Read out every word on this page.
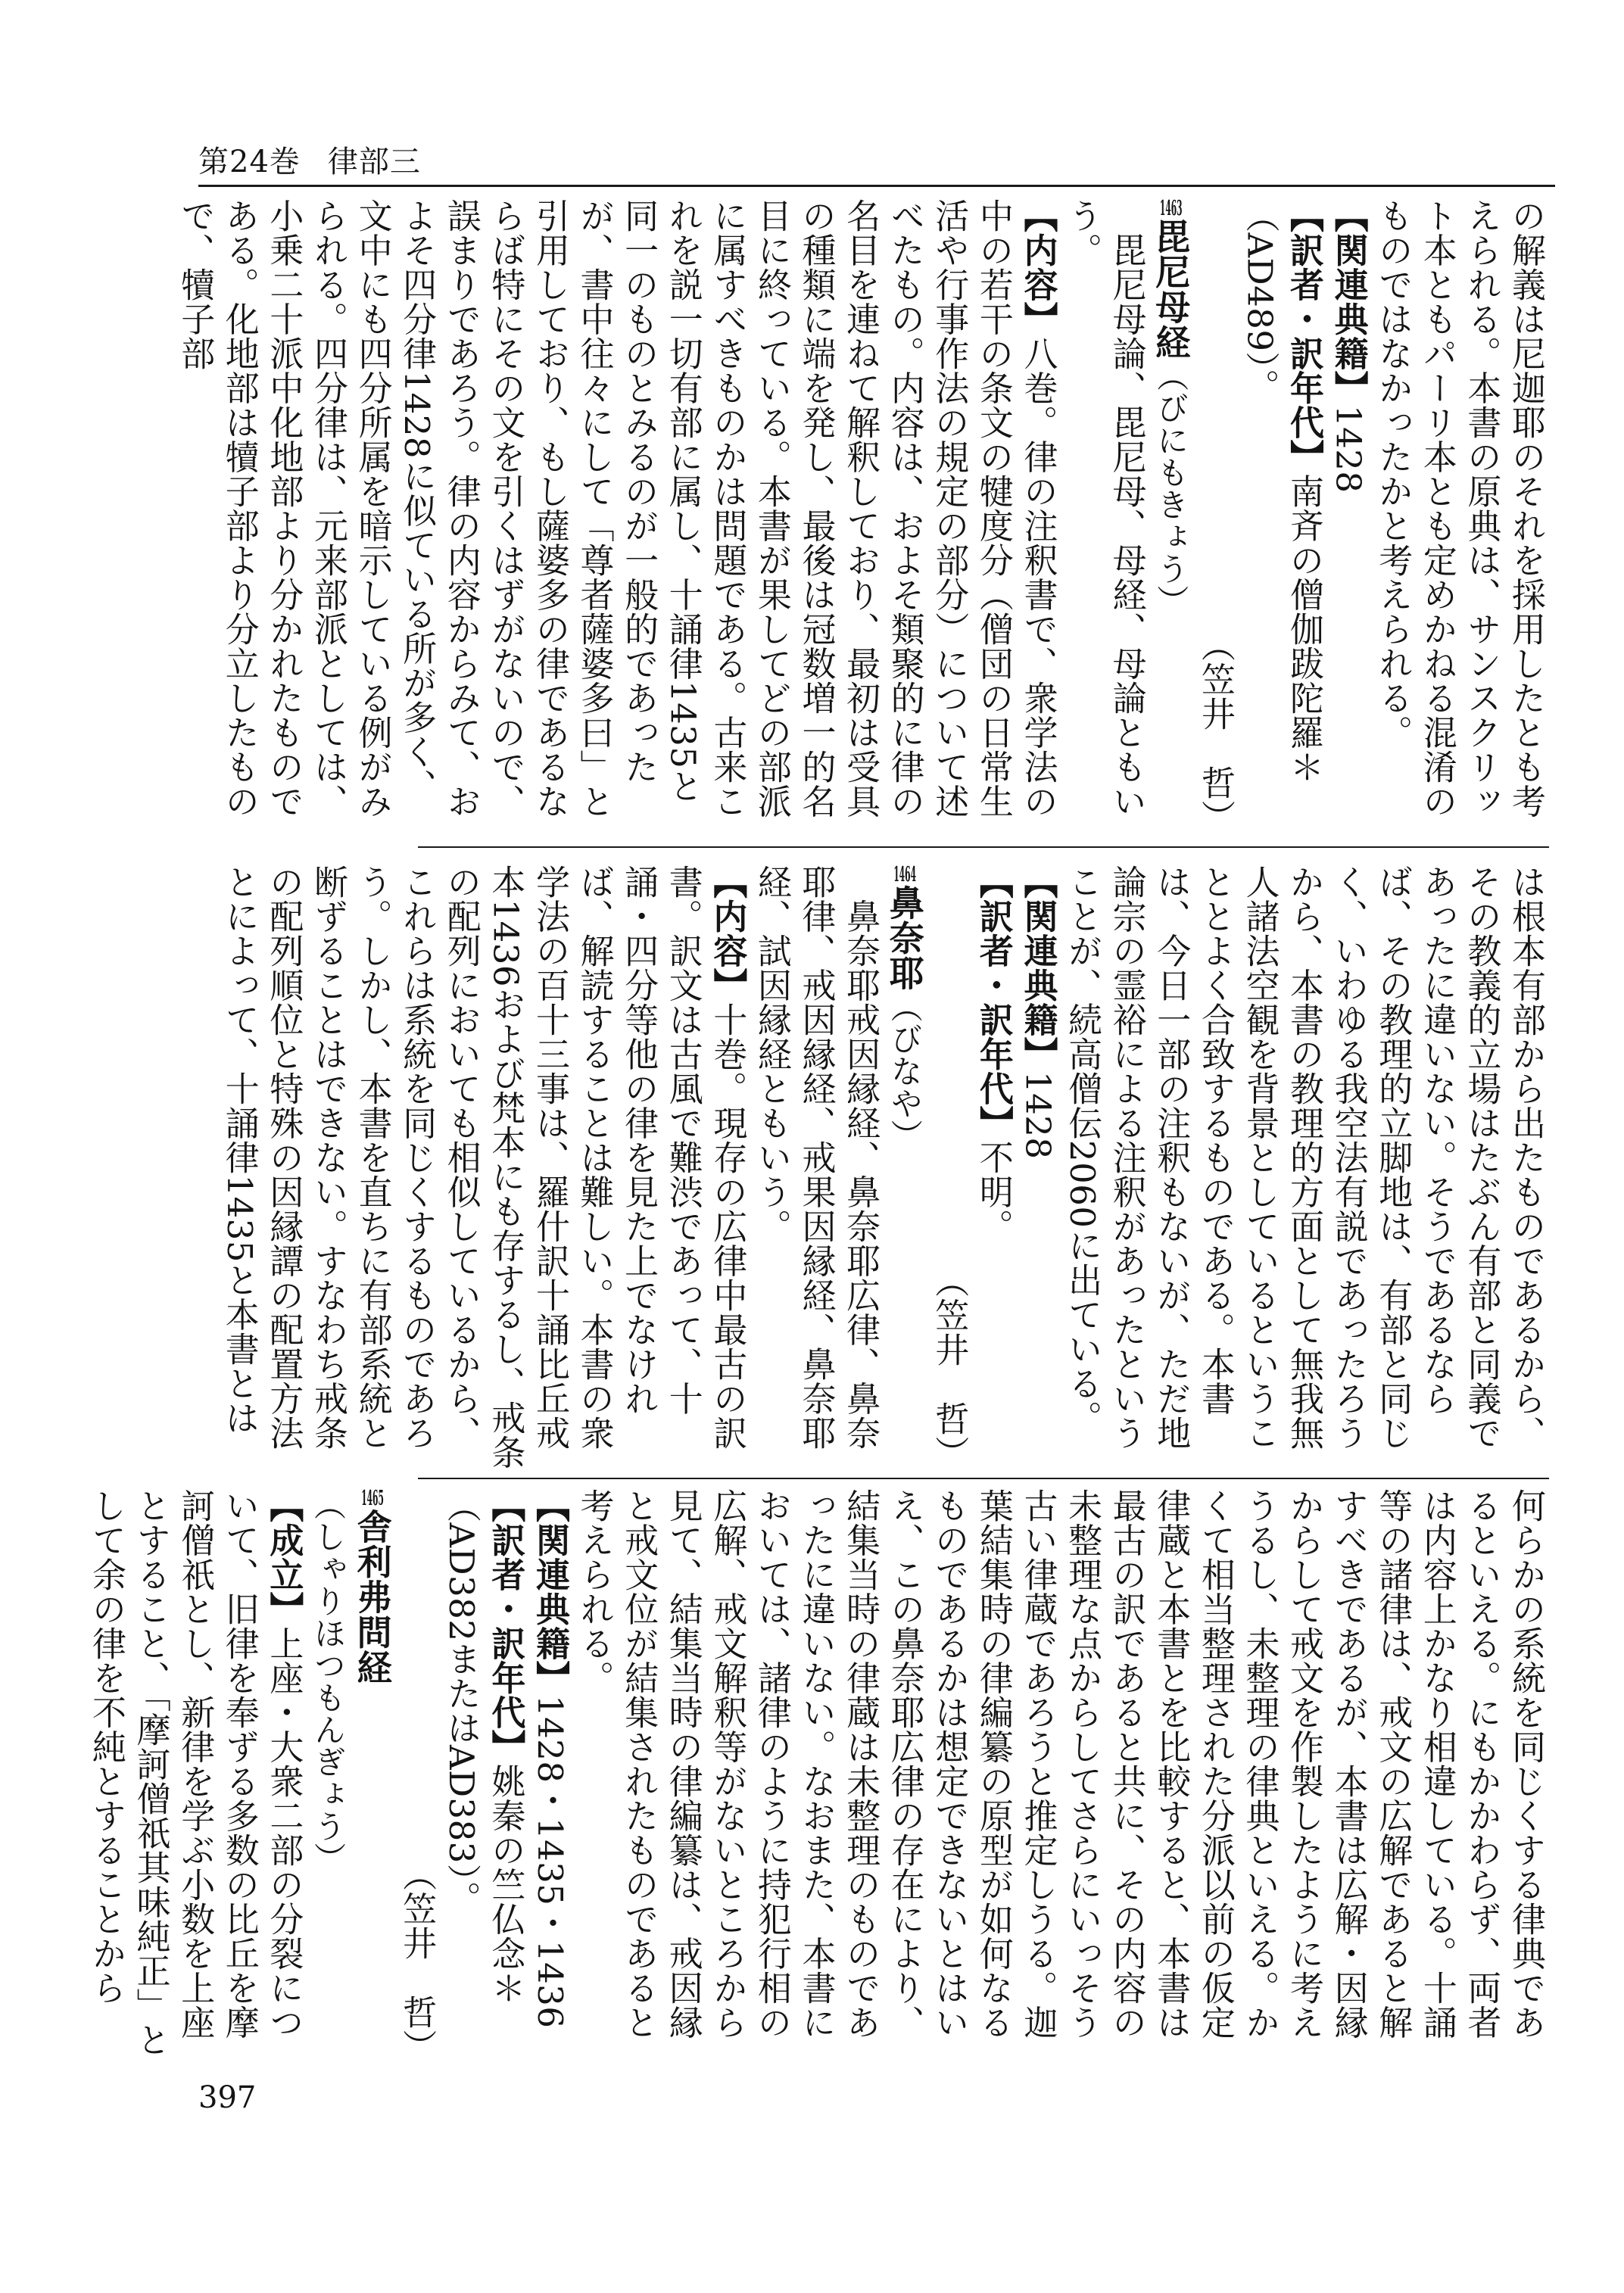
第24巻 律部三

の解義は尼迦耶のそれを採用したとも考えられる。本書の原典は、サンスクリット本ともパーリ本とも定めかねる混淆のものではなかったかと考えられる。

【関連典籍】1428

【訳者・訳年代】南斉の僧伽跋陀羅＊（AD489）。

（笠井　哲）

1463毘尼母経（びにもきょう）

　毘尼母論、毘尼母、母経、母論ともいう。

【内容】八巻。律の注釈書で、衆学法の中の若干の条文の犍度分（僧団の日常生活や行事作法の規定の部分）について述べたもの。内容は、およそ類聚的に律の名目を連ねて解釈しており、最初は受具の種類に端を発し、最後は冠数増一的名目に終っている。本書が果してどの部派に属すべきものかは問題である。古来これを説一切有部に属し、十誦律1435と同一のものとみるのが一般的であったが、書中往々にして「尊者薩婆多曰」と引用しており、もし薩婆多の律であるならば特にその文を引くはずがないので、誤まりであろう。律の内容からみて、およそ四分律1428に似ている所が多く、文中にも四分所属を暗示している例がみられる。四分律は、元来部派としては、小乗二十派中化地部より分かれたものである。化地部は犢子部より分立したもので、犢子部

は根本有部から出たものであるから、その教義的立場はたぶん有部と同義であったに違いない。そうであるならば、その教理的立脚地は、有部と同じく、いわゆる我空法有説であったろうから、本書の教理的方面として無我無人諸法空観を背景としているということとよく合致するものである。本書は、今日一部の注釈もないが、ただ地論宗の霊裕による注釈があったということが、続高僧伝2060に出ている。

【関連典籍】1428

【訳者・訳年代】不明。

（笠井　哲）

1464鼻奈耶（びなや）

　鼻奈耶戒因縁経、鼻奈耶広律、鼻奈耶律、戒因縁経、戒果因縁経、鼻奈耶経、試因縁経ともいう。

【内容】十巻。現存の広律中最古の訳書。訳文は古風で難渋であって、十誦・四分等他の律を見た上でなければ、解読することは難しい。本書の衆学法の百十三事は、羅什訳十誦比丘戒本1436および梵本にも存するし、戒条の配列においても相似しているから、これらは系統を同じくするものであろう。しかし、本書を直ちに有部系統と断ずることはできない。すなわち戒条の配列順位と特殊の因縁譚の配置方法とによって、十誦律1435と本書とは

何らかの系統を同じくする律典であるといえる。にもかかわらず、両者は内容上かなり相違している。十誦等の諸律は、戒文の広解であると解すべきであるが、本書は広解・因縁からして戒文を作製したように考えうるし、未整理の律典といえる。かくて相当整理された分派以前の仮定律蔵と本書とを比較すると、本書は最古の訳であると共に、その内容の未整理な点からしてさらにいっそう古い律蔵であろうと推定しうる。迦葉結集時の律編纂の原型が如何なるものであるかは想定できないとはいえ、この鼻奈耶広律の存在により、結集当時の律蔵は未整理のものであったに違いない。なおまた、本書においては、諸律のように持犯行相の広解、戒文解釈等がないところから見て、結集当時の律編纂は、戒因縁と戒文位が結集されたものであると考えられる。

【関連典籍】1428・1435・1436

【訳者・訳年代】姚秦の竺仏念＊（AD382またはAD383）。

（笠井　哲）

1465舎利弗問経（しゃりほつもんぎょう）

【成立】上座・大衆二部の分裂について、旧律を奉ずる多数の比丘を摩訶僧祇とし、新律を学ぶ小数を上座とすること、「摩訶僧祇其味純正」として余の律を不純とすることから

397
